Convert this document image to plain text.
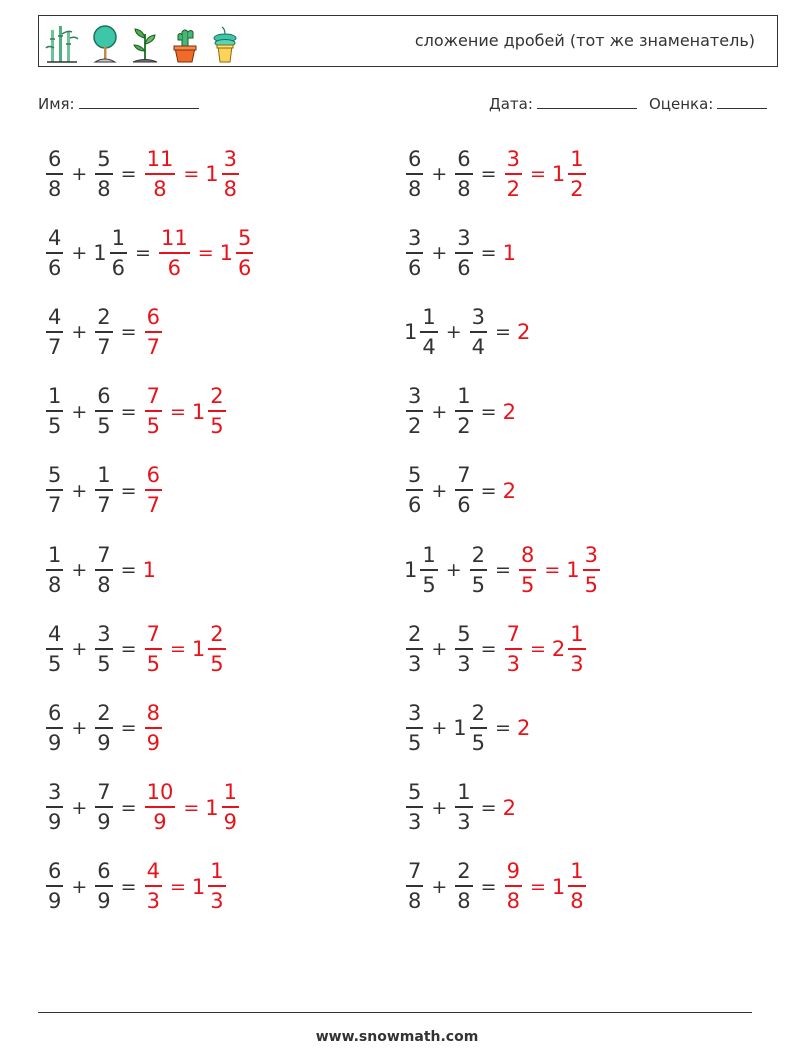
сложение дробей (тот же знаменатель)
Имя:	Дата:	Оценка:
$\frac{6}{8} + \frac{5}{8} = \frac{11}{8} = 1 \frac{3}{8}$	$\frac{6}{8} + \frac{6}{8} = \frac{3}{2} = 1 \frac{1}{2}$
$\frac{4}{6} + 1 \frac{1}{6} = \frac{11}{6} = 1 \frac{5}{6}$	$\frac{3}{6} + \frac{3}{6} = 1$
$\frac{4}{7} + \frac{2}{7} = \frac{6}{7}$	$1 \frac{1}{4} + \frac{3}{4} = 2$
$\frac{1}{5} + \frac{6}{5} = \frac{7}{5} = 1 \frac{2}{5}$	$\frac{3}{2} + \frac{1}{2} = 2$
$\frac{5}{7} + \frac{1}{7} = \frac{6}{7}$	$\frac{5}{6} + \frac{7}{6} = 2$
$\frac{1}{8} + \frac{7}{8} = 1$	$1 \frac{1}{5} + \frac{2}{5} = \frac{8}{5} = 1 \frac{3}{5}$
$\frac{4}{5} + \frac{3}{5} = \frac{7}{5} = 1 \frac{2}{5}$	$\frac{2}{3} + \frac{5}{3} = \frac{7}{3} = 2 \frac{1}{3}$
$\frac{6}{9} + \frac{2}{9} = \frac{8}{9}$	$\frac{3}{5} + 1 \frac{2}{5} = 2$
$\frac{3}{9} + \frac{7}{9} = \frac{10}{9} = 1 \frac{1}{9}$	$\frac{5}{3} + \frac{1}{3} = 2$
$\frac{6}{9} + \frac{6}{9} = \frac{4}{3} = 1 \frac{1}{3}$	$\frac{7}{8} + \frac{2}{8} = \frac{9}{8} = 1 \frac{1}{8}$
www.snowmath.com
